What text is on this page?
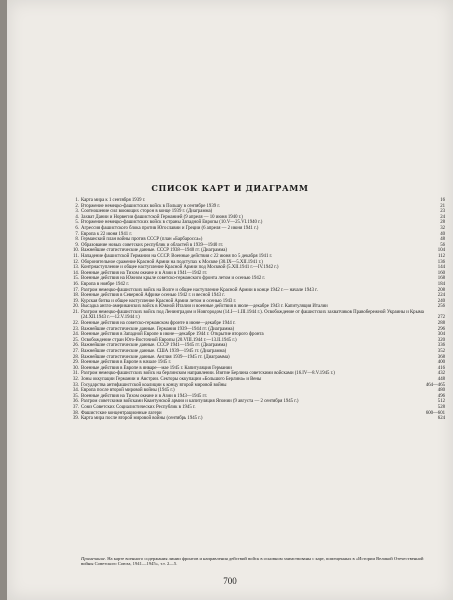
СПИСОК КАРТ И ДИАГРАММ
1. Карта мира к 1 сентября 1939 г.	16
2. Вторжение немецко-фашистских войск в Польшу в сентябре 1939 г.	21
3. Соотношение сил воюющих сторон в конце 1939 г. (Диаграмма)	23
4. Захват Дании и Норвегии фашистской Германией (9 апреля — 10 июня 1940 г.)	24
5. Вторжение немецко-фашистских войск в страны Западной Европы (10.V—25.VI.1940 г.)	28
6. Агрессия фашистского блока против Югославии и Греции (6 апреля — 2 июня 1941 г.)	32
7. Европа к 22 июня 1941 г.	40
8. Германский план войны против СССР (план «Барбаросса»)	48
9. Образование новых советских республик и областей в 1939—1940 гг.	56
10. Важнейшие статистические данные. СССР 1938—1940 гг. (Диаграмма)	104
11. Нападение фашистской Германии на СССР. Военные действия с 22 июня по 5 декабря 1941 г.	112
12. Оборонительное сражение Красной Армии на подступах к Москве (30.IX—5.XII.1941 г.)	136
13. Контрнаступление и общее наступление Красной Армии под Москвой (5.XII.1941 г.—IV.1942 г.)	144
14. Военные действия на Тихом океане и в Азии в 1941—1942 гг.	160
15. Военные действия на Южном крыле советско-германского фронта летом и осенью 1942 г.	168
16. Европа в ноябре 1942 г.	184
17. Разгром немецко-фашистских войск на Волге и общее наступление Красной Армии в конце 1942 г.— начале 1943 г.	208
18. Военные действия в Северной Африке осенью 1942 г. и весной 1943 г.	224
19. Курская битва и общее наступление Красной Армии летом и осенью 1943 г.	240
20. Высадка англо-американских войск в Южной Италии и военные действия в июле—декабре 1943 г. Капитуляция Италии	256
21. Разгром немецко-фашистских войск под Ленинградом и Новгородом (14.I—1.III.1944 г.). Освобождение от фашистских захватчиков Правобережной Украины и Крыма (24.XII.1943 г.—12.V.1944 г.)	272
22. Военные действия на советско-германском фронте в июне—декабре 1944 г.	288
23. Важнейшие статистические данные. Германия 1939—1944 гг. (Диаграмма)	296
24. Военные действия в Западной Европе в июне—декабре 1944 г. Открытие второго фронта	304
25. Освобождение стран Юго-Восточной Европы (20.VIII.1944 г.—13.II.1945 г.)	320
26. Важнейшие статистические данные. СССР 1941—1945 гг. (Диаграмма)	336
27. Важнейшие статистические данные. США 1939—1945 гг. (Диаграмма)	352
28. Важнейшие статистические данные. Англия 1939—1945 гг. (Диаграмма)	368
29. Военные действия в Европе в начале 1945 г.	400
30. Военные действия в Европе в январе—мае 1945 г. Капитуляция Германии	416
31. Разгром немецко-фашистских войск на берлинском направлении. Взятие Берлина советскими войсками (16.IV—8.V.1945 г.)	432
32. Зоны оккупации Германии и Австрии. Секторы оккупации «Большого Берлина» и Вены	448
33. Государства антифашистской коалиции к концу второй мировой войны	464—465
34. Европа после второй мировой войны (1945 г.)	480
35. Военные действия на Тихом океане и в Азии в 1943—1945 гг.	496
36. Разгром советскими войсками Квантунской армии и капитуляция Японии (9 августа — 2 сентября 1945 г.)	512
37. Союз Советских Социалистических Республик в 1945 г.	528
38. Фашистские концентрационные лагери	600—601
39. Карта мира после второй мировой войны (сентябрь 1945 г.)	624
Примечание. На карте военного содержания линии фронтов и направления действий войск в основном заимствованы с карт, помещенных в «Истории Великой Отечественной войны Советского Союза, 1941—1945», т.т. 2—5.
700
